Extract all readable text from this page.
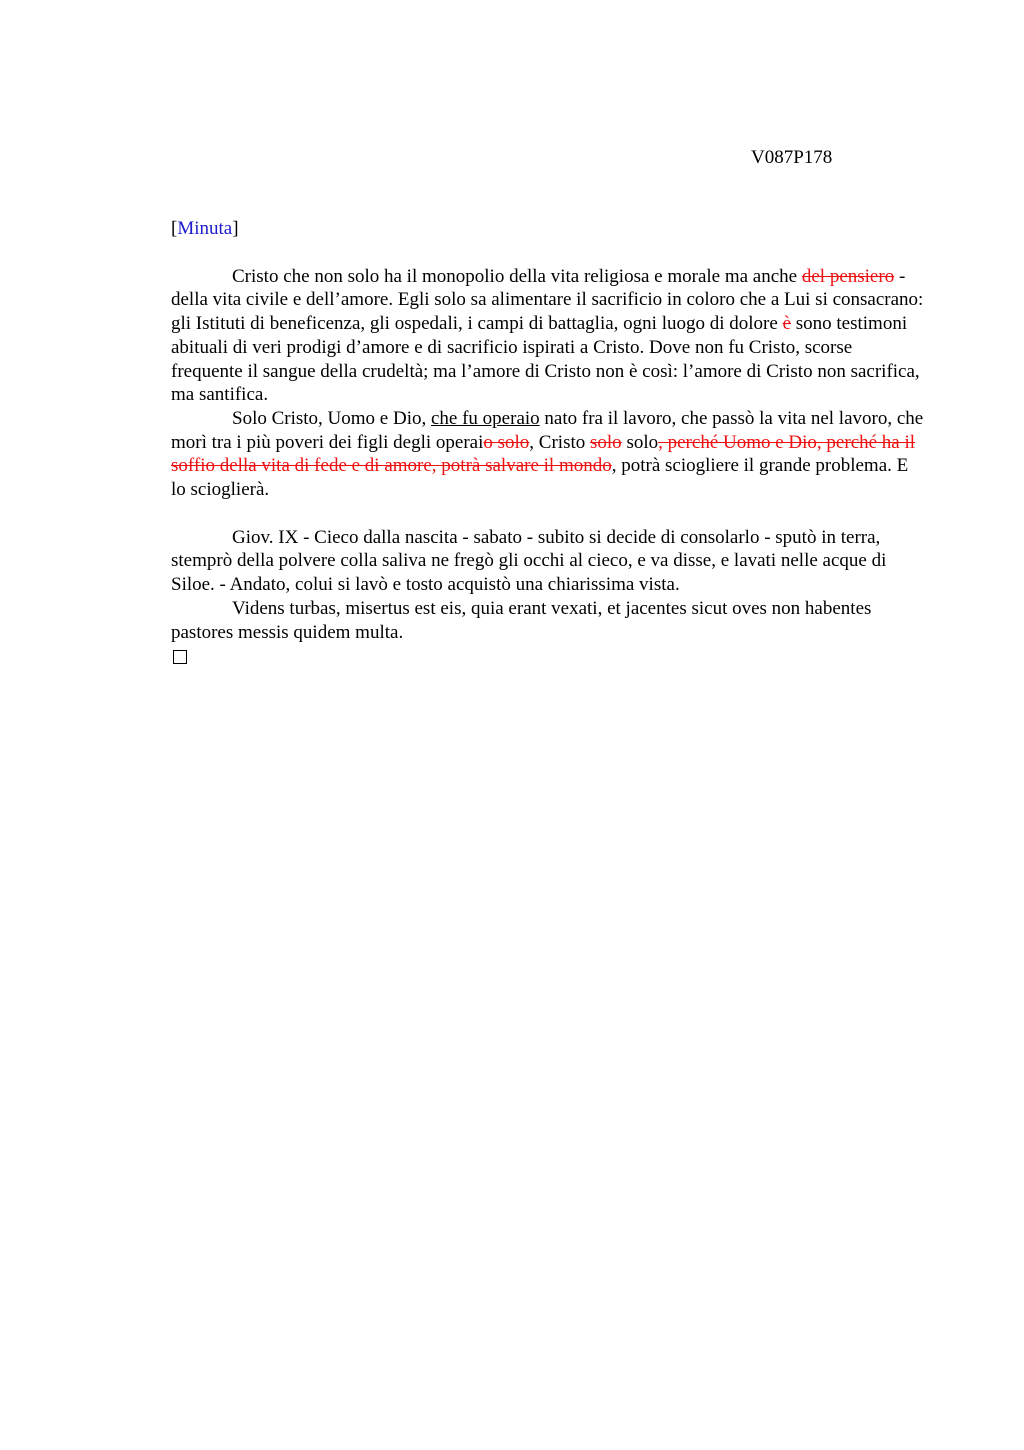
V087P178
[Minuta]

Cristo che non solo ha il monopolio della vita religiosa e morale ma anche del pensiero - della vita civile e dell’amore. Egli solo sa alimentare il sacrificio in coloro che a Lui si consacrano: gli Istituti di beneficenza, gli ospedali, i campi di battaglia, ogni luogo di dolore è sono testimoni abituali di veri prodigi d’amore e di sacrificio ispirati a Cristo. Dove non fu Cristo, scorse frequente il sangue della crudeltà; ma l’amore di Cristo non è così: l’amore di Cristo non sacrifica, ma santifica.

Solo Cristo, Uomo e Dio, che fu operaio nato fra il lavoro, che passò la vita nel lavoro, che morì tra i più poveri dei figli degli operaio solo, Cristo solo solo, perché Uomo e Dio, perché ha il soffio della vita di fede e di amore, potrà salvare il mondo, potrà sciogliere il grande problema. E lo scioglierà.

Giov. IX - Cieco dalla nascita - sabato - subito si decide di consolarlo - sputò in terra, stemprò della polvere colla saliva ne fregò gli occhi al cieco, e va disse, e lavati nelle acque di Siloe. - Andato, colui si lavò e tosto acquistò una chiarissima vista.

Videns turbas, misertus est eis, quia erant vexati, et jacentes sicut oves non habentes pastores messis quidem multa.
